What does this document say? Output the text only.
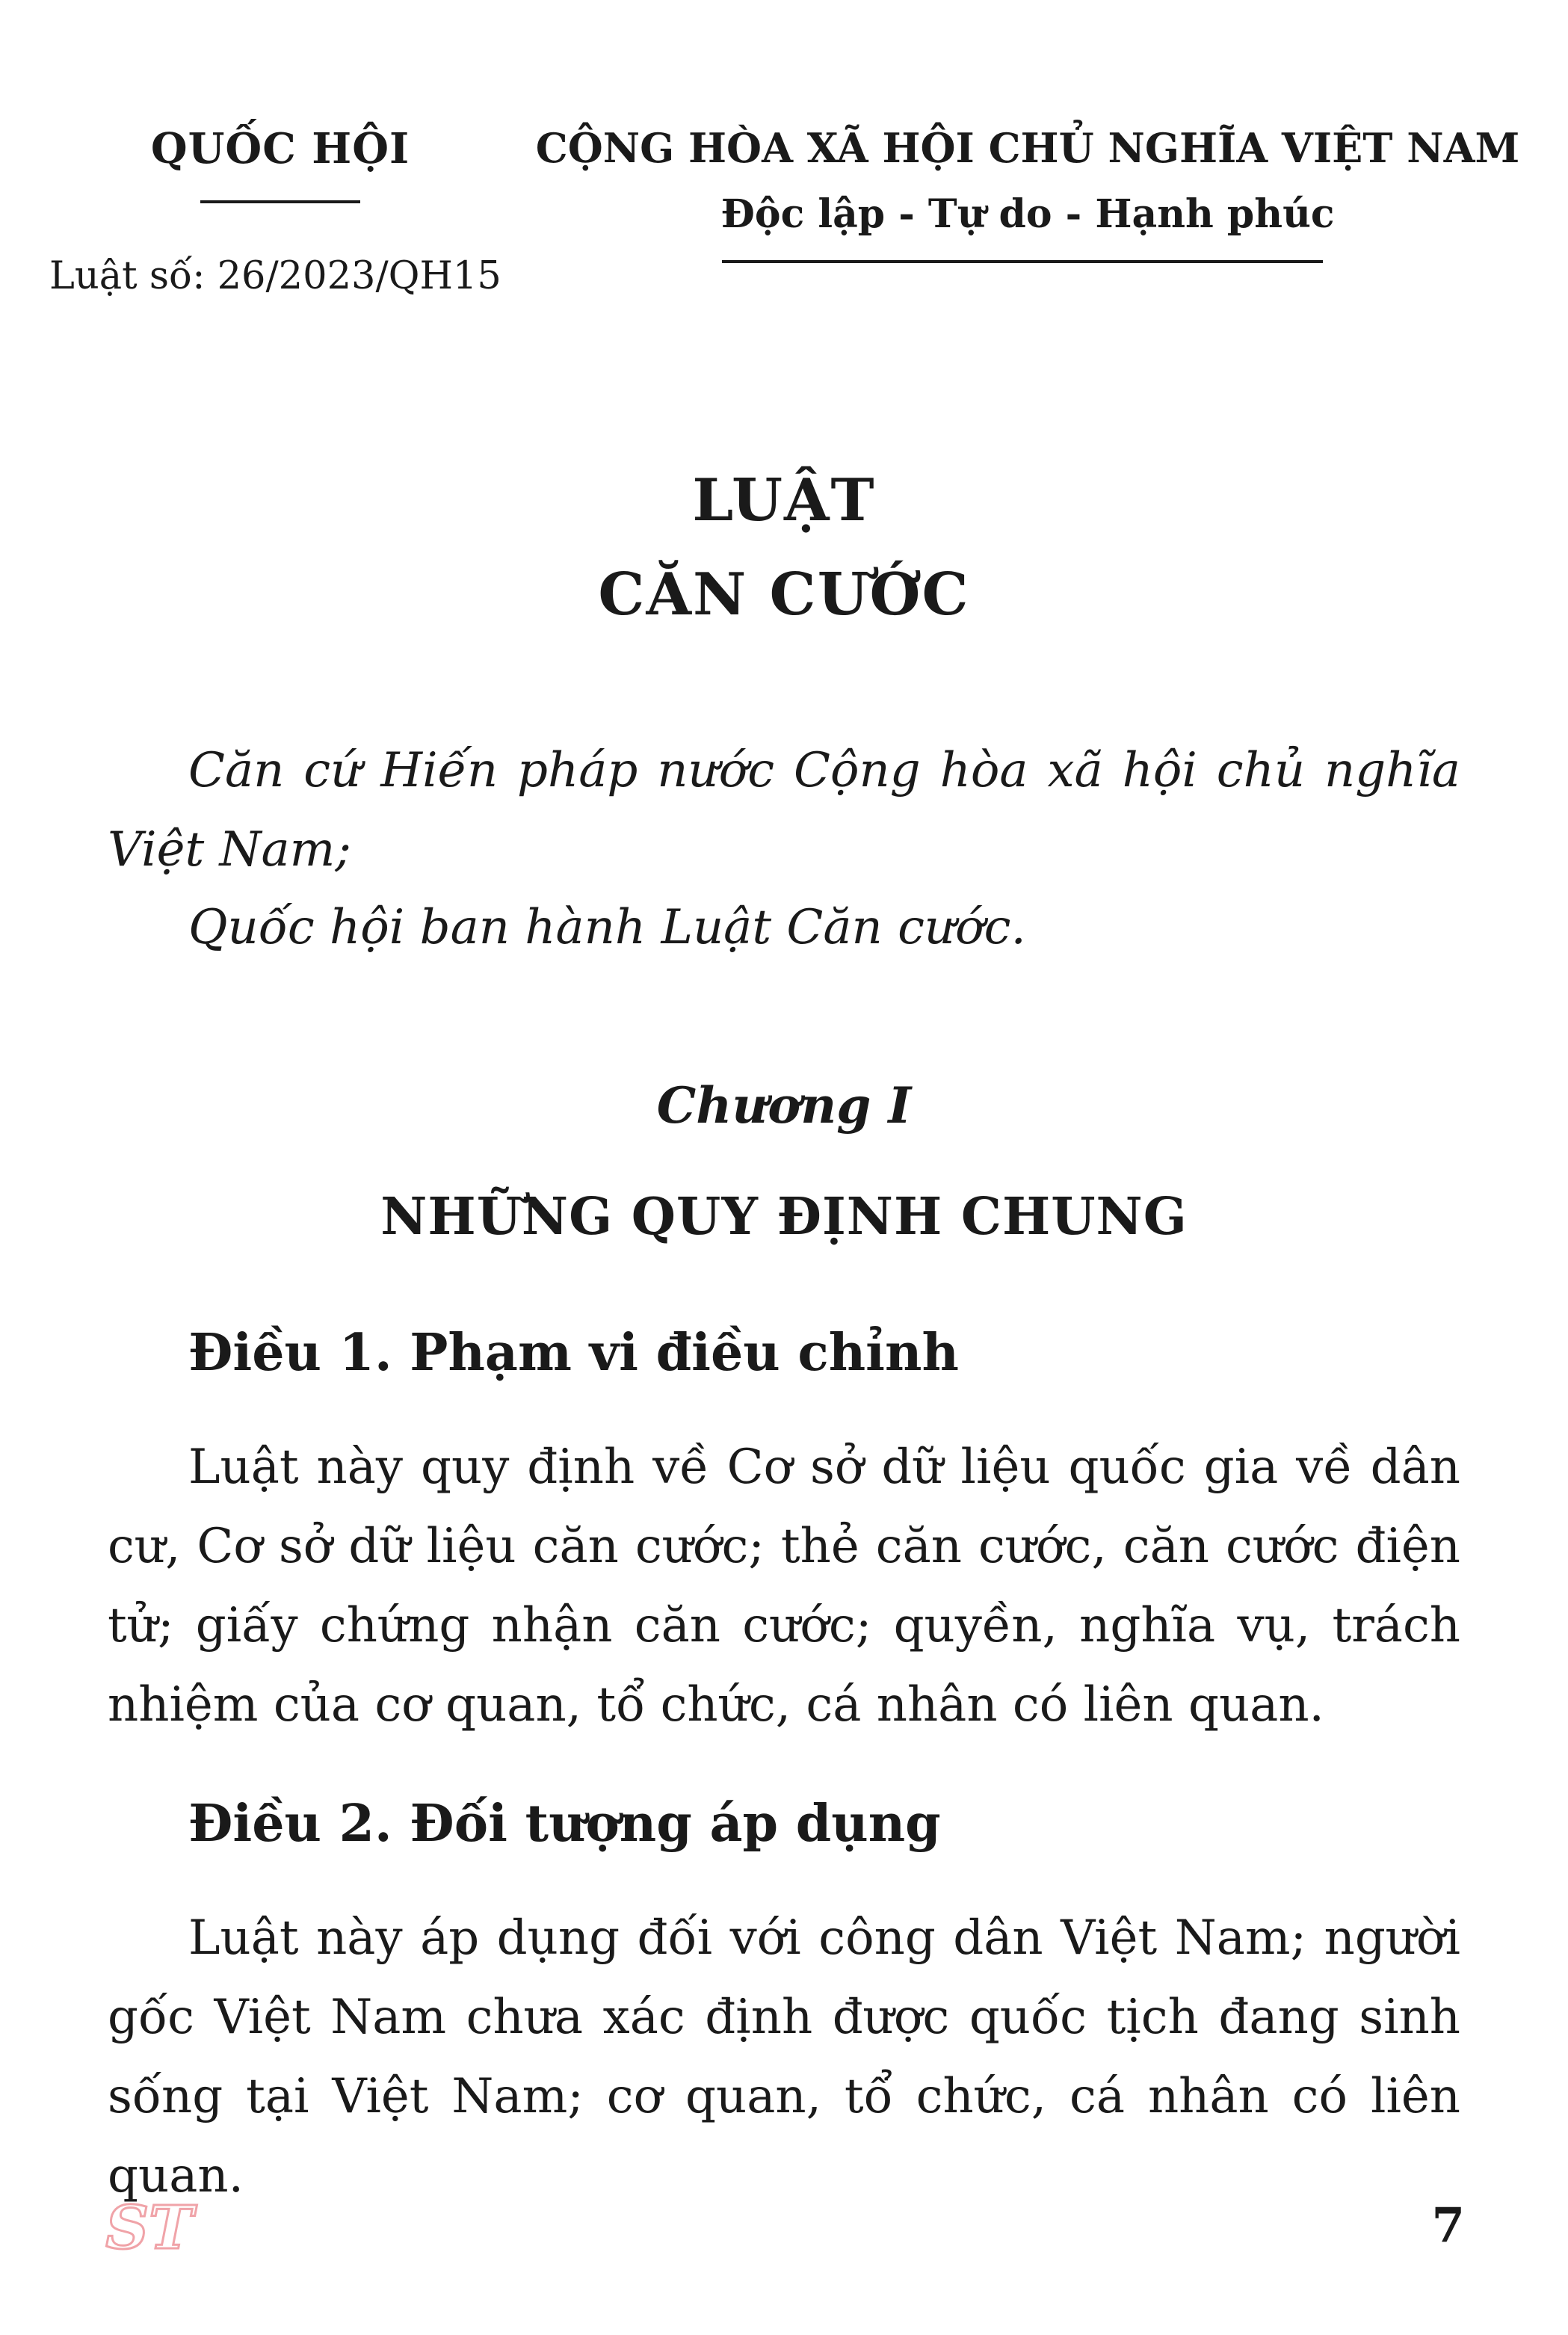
QUỐC HỘI
Luật số: 26/2023/QH15
CỘNG HÒA XÃ HỘI CHỦ NGHĨA VIỆT NAM
Độc lập - Tự do - Hạnh phúc
LUẬT
CĂN CƯỚC
Căn cứ Hiến pháp nước Cộng hòa xã hội chủ nghĩa Việt Nam;
Quốc hội ban hành Luật Căn cước.
Chương I
NHỮNG QUY ĐỊNH CHUNG
Điều 1. Phạm vi điều chỉnh
Luật này quy định về Cơ sở dữ liệu quốc gia về dân cư, Cơ sở dữ liệu căn cước; thẻ căn cước, căn cước điện tử; giấy chứng nhận căn cước; quyền, nghĩa vụ, trách nhiệm của cơ quan, tổ chức, cá nhân có liên quan.
Điều 2. Đối tượng áp dụng
Luật này áp dụng đối với công dân Việt Nam; người gốc Việt Nam chưa xác định được quốc tịch đang sinh sống tại Việt Nam; cơ quan, tổ chức, cá nhân có liên quan.
ST	7
